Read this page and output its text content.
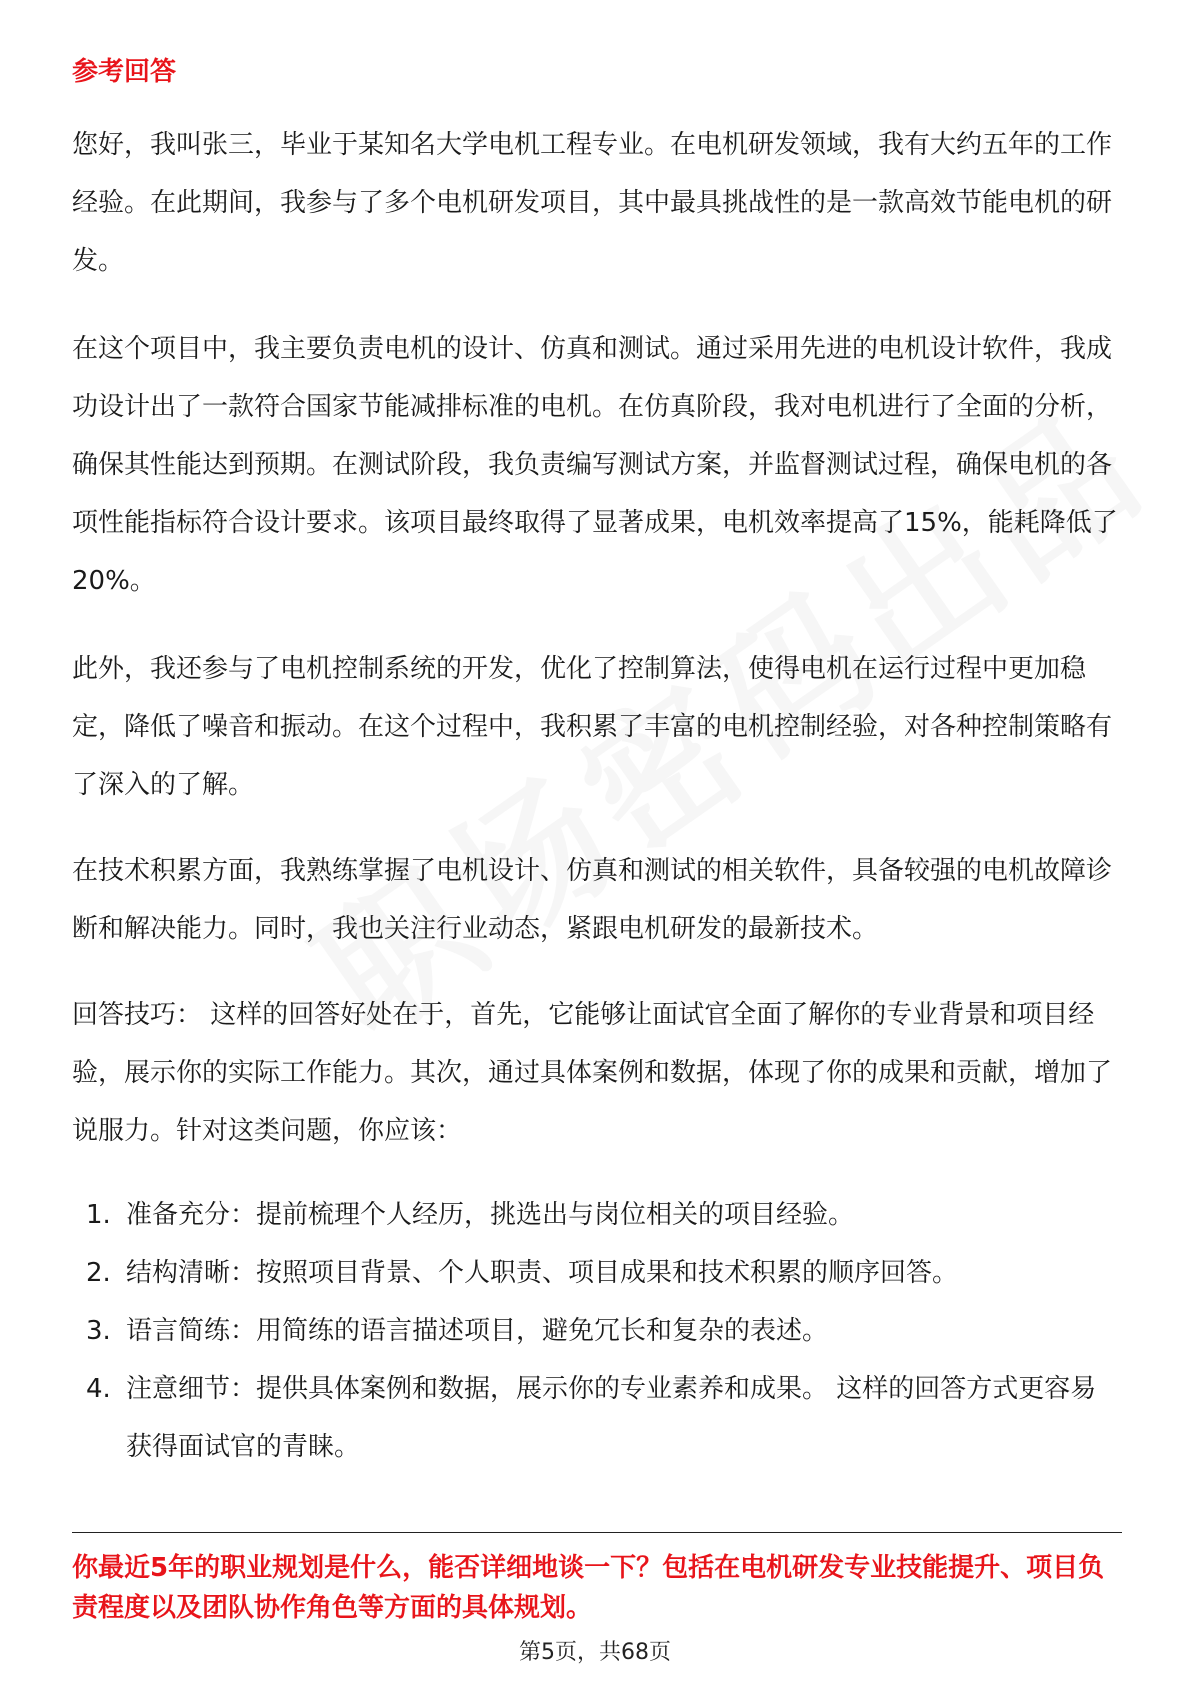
参考回答

您好，我叫张三，毕业于某知名大学电机工程专业。在电机研发领域，我有大约五年的工作经验。在此期间，我参与了多个电机研发项目，其中最具挑战性的是一款高效节能电机的研发。

在这个项目中，我主要负责电机的设计、仿真和测试。通过采用先进的电机设计软件，我成功设计出了一款符合国家节能减排标准的电机。在仿真阶段，我对电机进行了全面的分析，确保其性能达到预期。在测试阶段，我负责编写测试方案，并监督测试过程，确保电机的各项性能指标符合设计要求。该项目最终取得了显著成果，电机效率提高了15%，能耗降低了20%。

此外，我还参与了电机控制系统的开发，优化了控制算法，使得电机在运行过程中更加稳定，降低了噪音和振动。在这个过程中，我积累了丰富的电机控制经验，对各种控制策略有了深入的了解。

在技术积累方面，我熟练掌握了电机设计、仿真和测试的相关软件，具备较强的电机故障诊断和解决能力。同时，我也关注行业动态，紧跟电机研发的最新技术。

回答技巧： 这样的回答好处在于，首先，它能够让面试官全面了解你的专业背景和项目经验，展示你的实际工作能力。其次，通过具体案例和数据，体现了你的成果和贡献，增加了说服力。针对这类问题，你应该：

1. 准备充分：提前梳理个人经历，挑选出与岗位相关的项目经验。
2. 结构清晰：按照项目背景、个人职责、项目成果和技术积累的顺序回答。
3. 语言简练：用简练的语言描述项目，避免冗长和复杂的表述。
4. 注意细节：提供具体案例和数据，展示你的专业素养和成果。 这样的回答方式更容易获得面试官的青睐。

你最近5年的职业规划是什么，能否详细地谈一下？包括在电机研发专业技能提升、项目负责程度以及团队协作角色等方面的具体规划。

第5页，共68页
